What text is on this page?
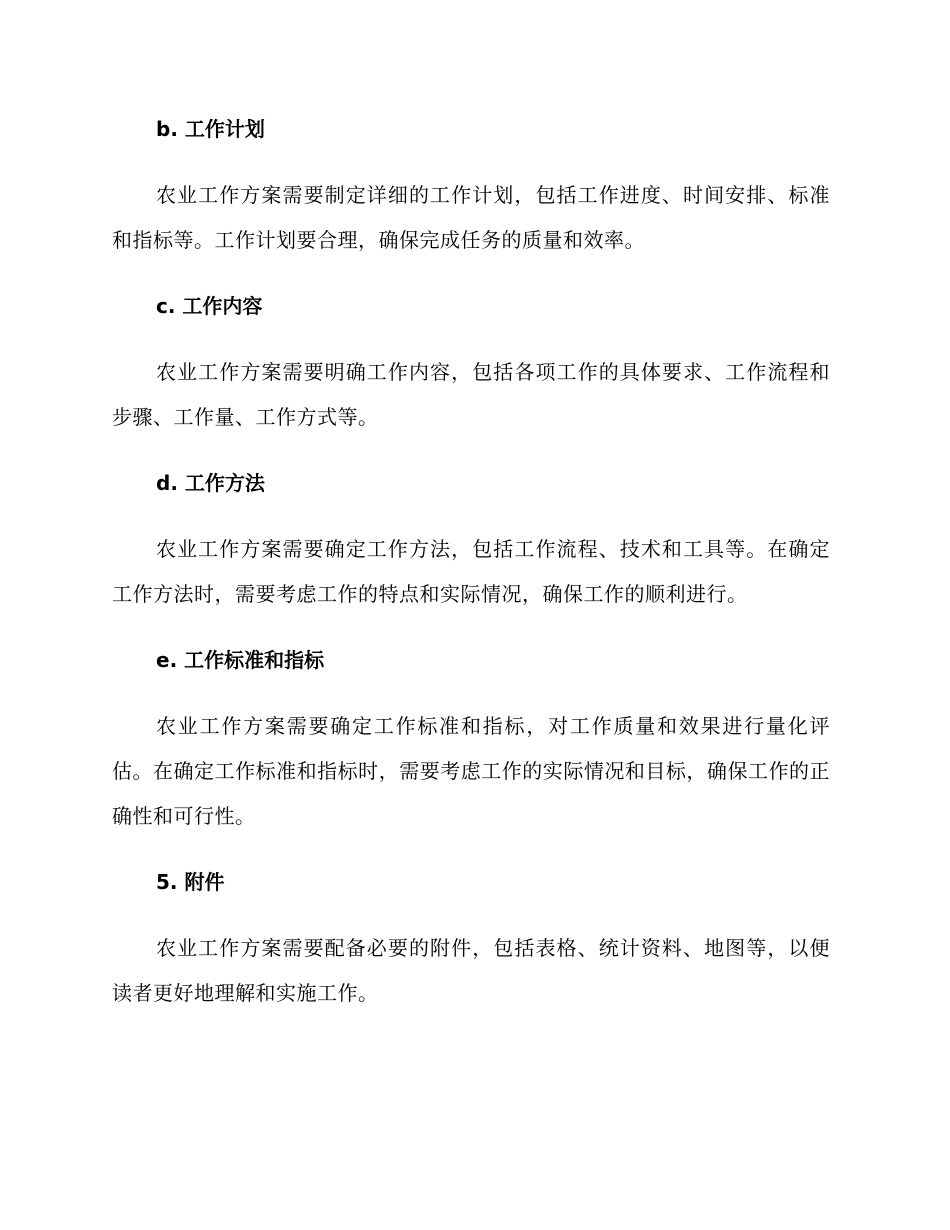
b. 工作计划

农业工作方案需要制定详细的工作计划，包括工作进度、时间安排、标准和指标等。工作计划要合理，确保完成任务的质量和效率。

c. 工作内容

农业工作方案需要明确工作内容，包括各项工作的具体要求、工作流程和步骤、工作量、工作方式等。

d. 工作方法

农业工作方案需要确定工作方法，包括工作流程、技术和工具等。在确定工作方法时，需要考虑工作的特点和实际情况，确保工作的顺利进行。

e. 工作标准和指标

农业工作方案需要确定工作标准和指标，对工作质量和效果进行量化评估。在确定工作标准和指标时，需要考虑工作的实际情况和目标，确保工作的正确性和可行性。

5. 附件

农业工作方案需要配备必要的附件，包括表格、统计资料、地图等，以便读者更好地理解和实施工作。
